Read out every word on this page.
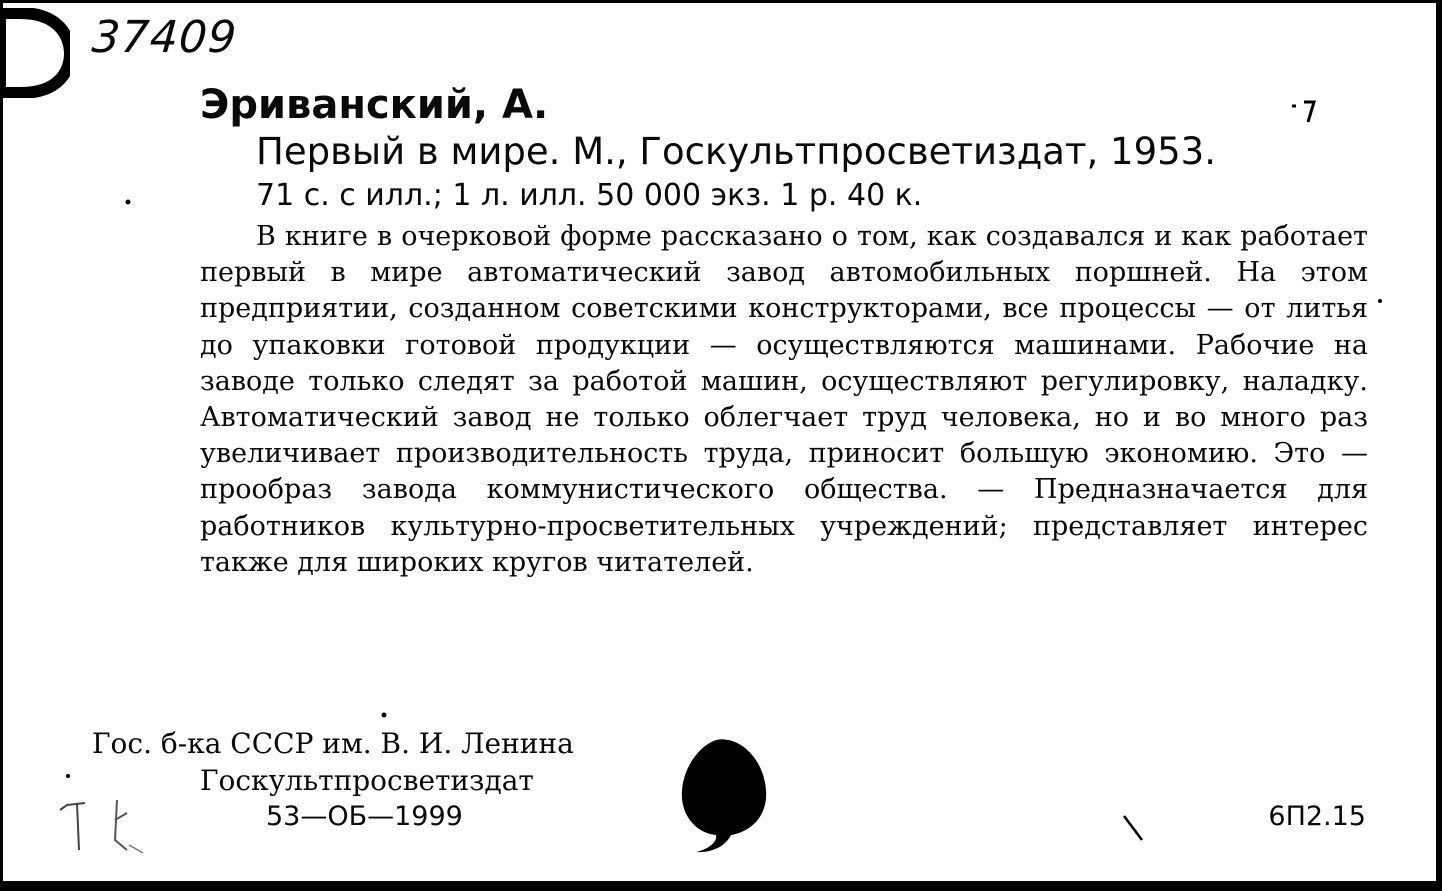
37409
Эриванский, А.
Первый в мире. М., Госкультпросветиздат, 1953.
71 с. с илл.; 1 л. илл. 50 000 экз. 1 р. 40 к.
В книге в очерковой форме рассказано о том, как создавался и как работает первый в мире автоматический завод автомобильных поршней. На этом предприятии, созданном советскими конструкторами, все процессы — от литья до упаковки готовой продукции — осуществляются машинами. Рабочие на заводе только следят за работой машин, осуществляют регулировку, наладку. Автоматический завод не только облегчает труд человека, но и во много раз увеличивает производительность труда, приносит большую экономию. Это — прообраз завода коммунистического общества. — Предназначается для работников культурно-просветительных учреждений; представляет интерес также для широких кругов читателей.
Гос. б-ка СССР им. В. И. Ленина
Госкультпросветиздат
53—ОБ—1999	6П2.15
